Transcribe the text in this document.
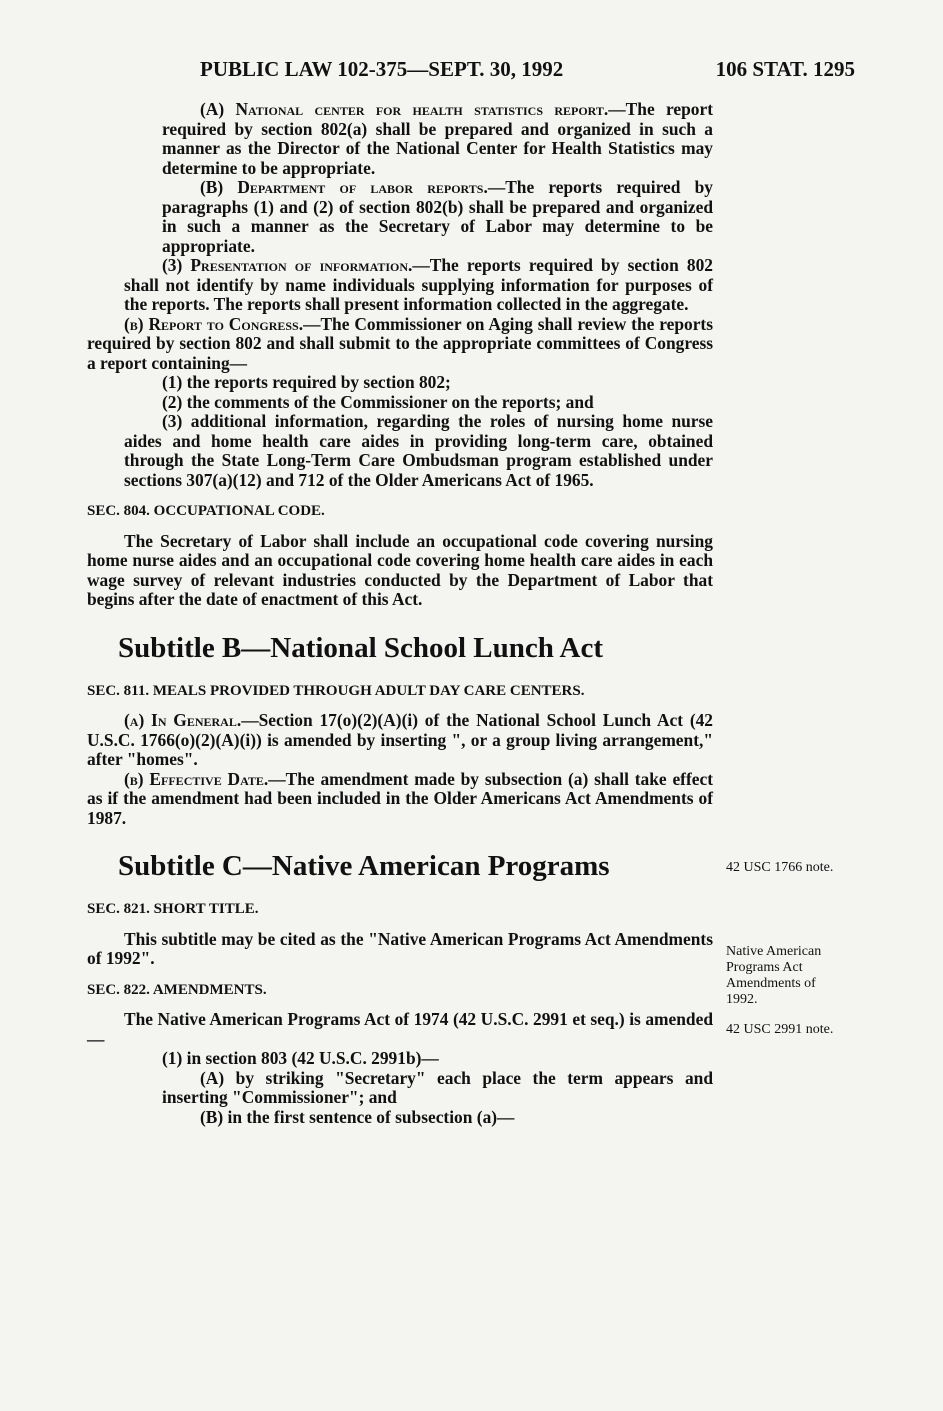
PUBLIC LAW 102-375—SEPT. 30, 1992	106 STAT. 1295

(A) National center for health statistics report.—The report required by section 802(a) shall be prepared and organized in such a manner as the Director of the National Center for Health Statistics may determine to be appropriate.

(B) Department of labor reports.—The reports required by paragraphs (1) and (2) of section 802(b) shall be prepared and organized in such a manner as the Secretary of Labor may determine to be appropriate.

(3) Presentation of information.—The reports required by section 802 shall not identify by name individuals supplying information for purposes of the reports. The reports shall present information collected in the aggregate.

(b) Report to Congress.—The Commissioner on Aging shall review the reports required by section 802 and shall submit to the appropriate committees of Congress a report containing—

(1) the reports required by section 802;

(2) the comments of the Commissioner on the reports; and

(3) additional information, regarding the roles of nursing home nurse aides and home health care aides in providing long-term care, obtained through the State Long-Term Care Ombudsman program established under sections 307(a)(12) and 712 of the Older Americans Act of 1965.

SEC. 804. OCCUPATIONAL CODE.

The Secretary of Labor shall include an occupational code covering nursing home nurse aides and an occupational code covering home health care aides in each wage survey of relevant industries conducted by the Department of Labor that begins after the date of enactment of this Act.

Subtitle B—National School Lunch Act
SEC. 811. MEALS PROVIDED THROUGH ADULT DAY CARE CENTERS.

(a) In General.—Section 17(o)(2)(A)(i) of the National School Lunch Act (42 U.S.C. 1766(o)(2)(A)(i)) is amended by inserting ", or a group living arrangement," after "homes".

(b) Effective Date.—The amendment made by subsection (a) shall take effect as if the amendment had been included in the Older Americans Act Amendments of 1987.

Subtitle C—Native American Programs
SEC. 821. SHORT TITLE.

This subtitle may be cited as the "Native American Programs Act Amendments of 1992".

SEC. 822. AMENDMENTS.

The Native American Programs Act of 1974 (42 U.S.C. 2991 et seq.) is amended—

(1) in section 803 (42 U.S.C. 2991b)—

(A) by striking "Secretary" each place the term appears and inserting "Commissioner"; and

(B) in the first sentence of subsection (a)—

42 USC 1766 note.
Native American Programs Act Amendments of 1992.
42 USC 2991 note.
